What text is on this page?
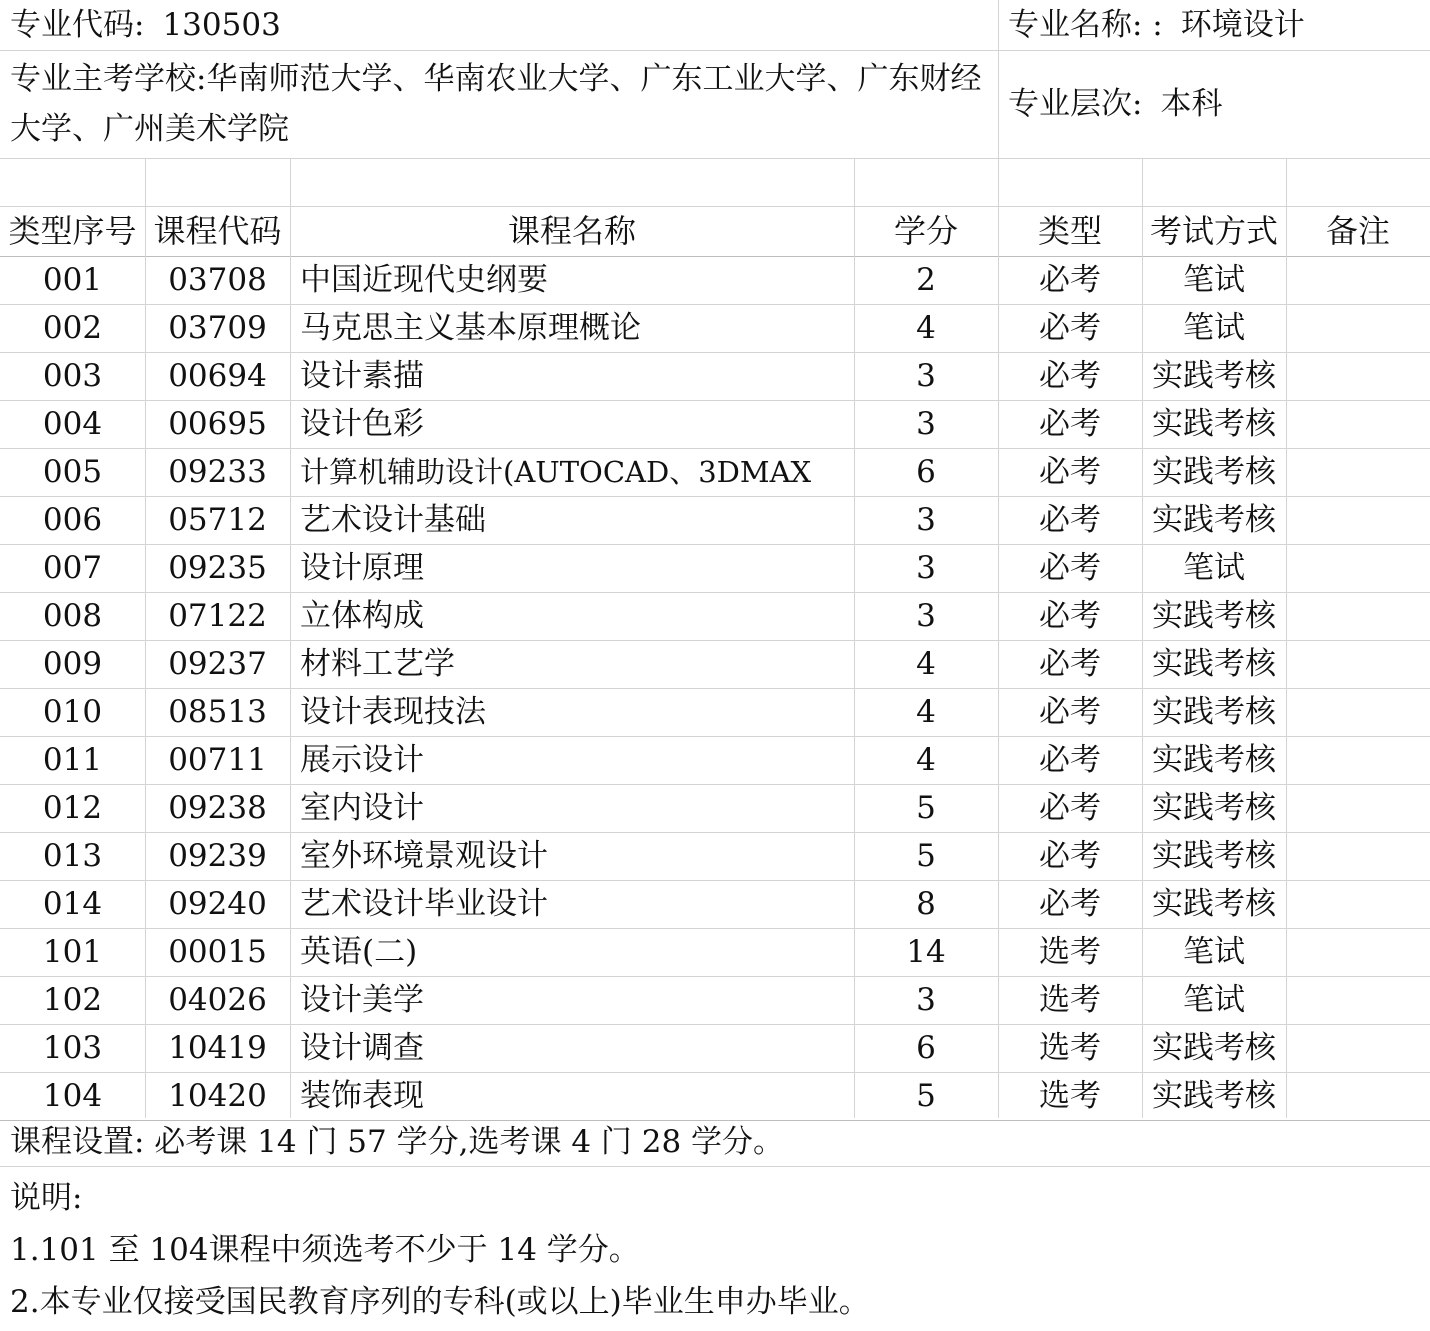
专业代码: 130503	专业名称: : 环境设计
专业主考学校:华南师范大学、华南农业大学、广东工业大学、广东财经大学、广州美术学院
专业层次: 本科
类型序号 课程代码	课程名称	学分	类型	考试方式	备注
001	03708	中国近现代史纲要	2	必考	笔试
002	03709	马克思主义基本原理概论	4	必考	笔试
003	00694	设计素描	3	必考	实践考核
004	00695	设计色彩	3	必考	实践考核
005	09233	计算机辅助设计(AUTOCAD、3DMAX	6	必考	实践考核
006	05712	艺术设计基础	3	必考	实践考核
007	09235	设计原理	3	必考	笔试
008	07122	立体构成	3	必考	实践考核
009	09237	材料工艺学	4	必考	实践考核
010	08513	设计表现技法	4	必考	实践考核
011	00711	展示设计	4	必考	实践考核
012	09238	室内设计	5	必考	实践考核
013	09239	室外环境景观设计	5	必考	实践考核
014	09240	艺术设计毕业设计	8	必考	实践考核
101	00015	英语(二)	14	选考	笔试
102	04026	设计美学	3	选考	笔试
103	10419	设计调查	6	选考	实践考核
104	10420	装饰表现	5	选考	实践考核
课程设置: 必考课 14 门 57 学分,选考课 4 门 28 学分。
说明:
1.101 至 104课程中须选考不少于 14 学分。
2.本专业仅接受国民教育序列的专科(或以上)毕业生申办毕业。
